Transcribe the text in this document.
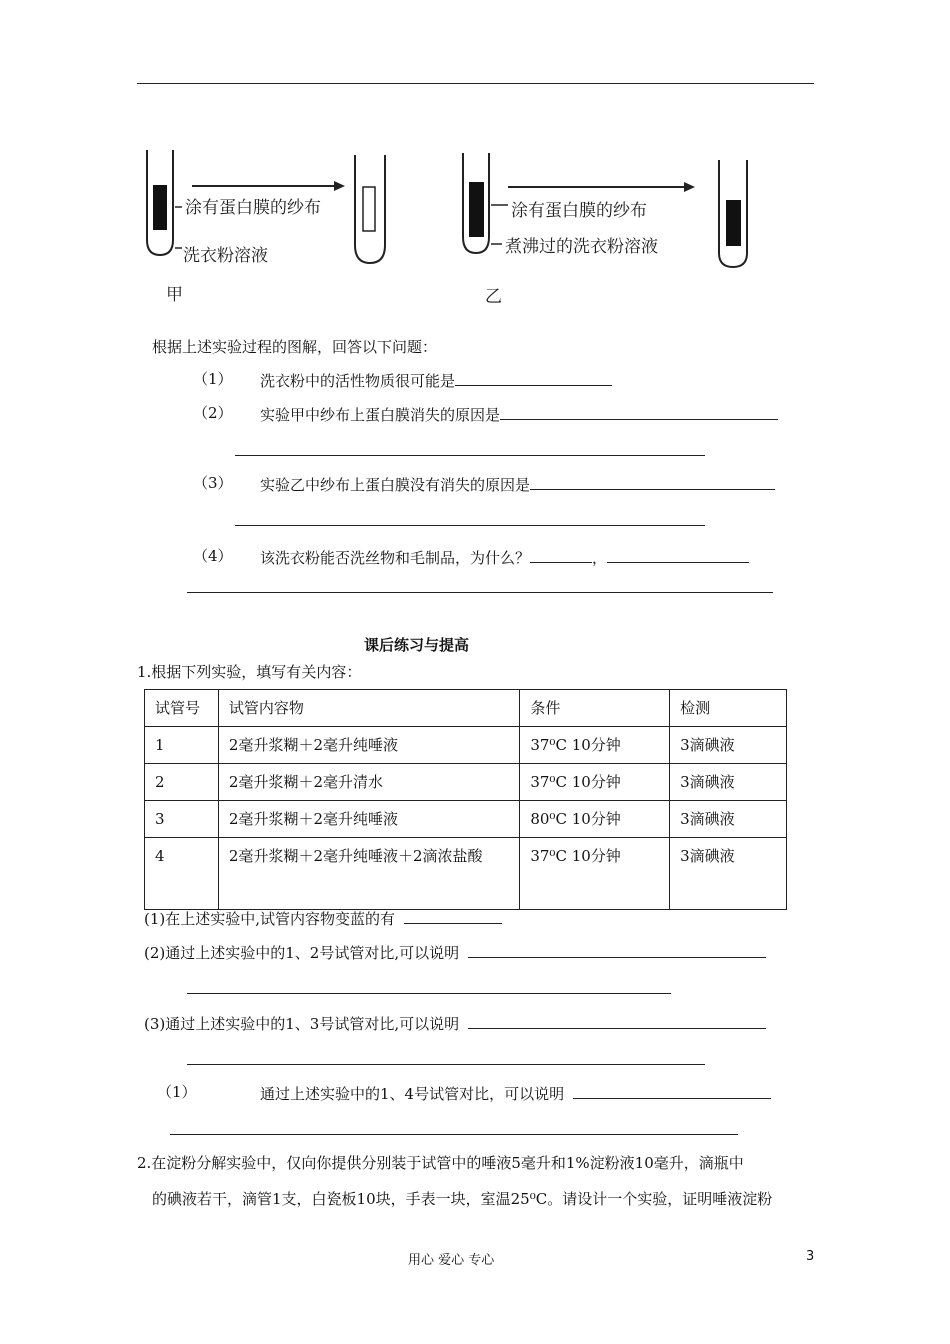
涂有蛋白膜的纱布
洗衣粉溶液
甲
涂有蛋白膜的纱布
煮沸过的洗衣粉溶液
乙
根据上述实验过程的图解，回答以下问题：
（1） 洗衣粉中的活性物质很可能是
（2） 实验甲中纱布上蛋白膜消失的原因是
（3） 实验乙中纱布上蛋白膜没有消失的原因是
（4） 该洗衣粉能否洗丝物和毛制品，为什么？	，
课后练习与提高
1.根据下列实验，填写有关内容：
试管号	试管内容物	条件	检测
1	2毫升浆糊＋2毫升纯唾液	37⁰C 10分钟	3滴碘液
2	2毫升浆糊＋2毫升清水	37⁰C 10分钟	3滴碘液
3	2毫升浆糊＋2毫升纯唾液	80⁰C 10分钟	3滴碘液
4	2毫升浆糊＋2毫升纯唾液＋2滴浓盐酸	37⁰C 10分钟	3滴碘液
(1)在上述实验中,试管内容物变蓝的有
(2)通过上述实验中的1、2号试管对比,可以说明
(3)通过上述实验中的1、3号试管对比,可以说明
（1）	通过上述实验中的1、4号试管对比，可以说明
2.在淀粉分解实验中，仅向你提供分别装于试管中的唾液5毫升和1%淀粉液10毫升，滴瓶中
的碘液若干，滴管1支，白瓷板10块，手表一块，室温25⁰C。请设计一个实验，证明唾液淀粉
用心 爱心 专心	3
